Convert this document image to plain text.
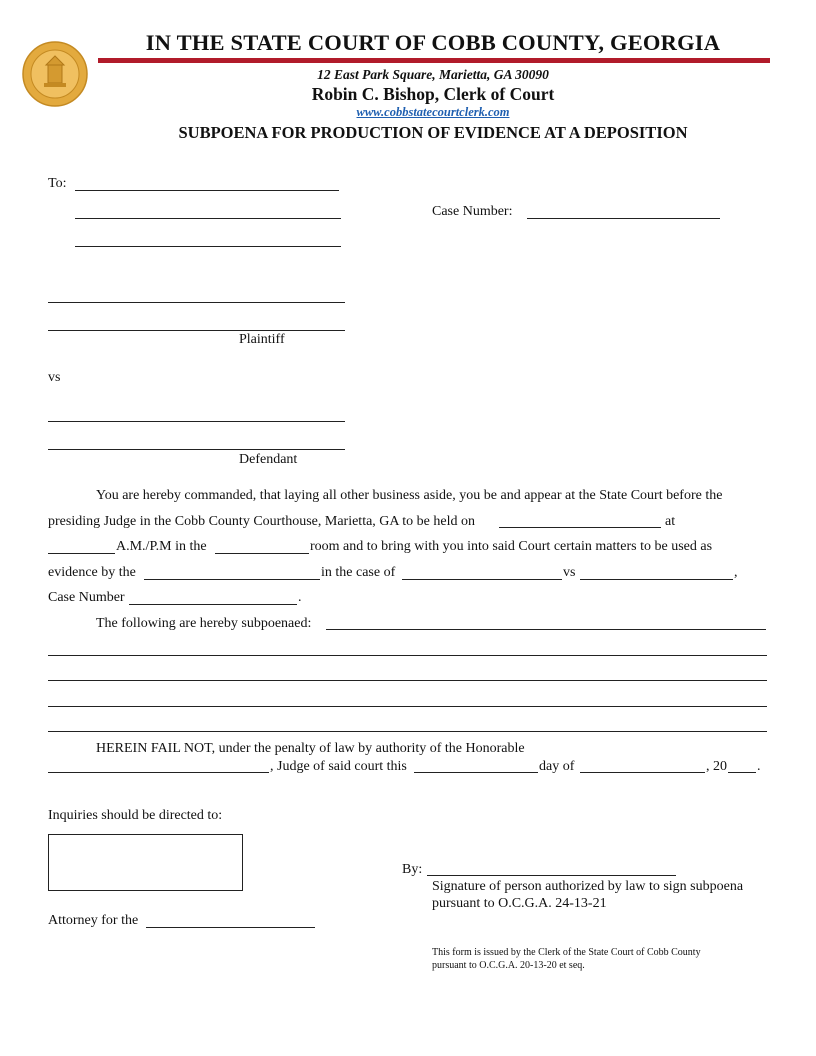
IN THE STATE COURT OF COBB COUNTY, GEORGIA
12 East Park Square, Marietta, GA 30090
Robin C. Bishop, Clerk of Court
www.cobbstatecourtclerk.com
SUBPOENA FOR PRODUCTION OF EVIDENCE AT A DEPOSITION
To:
Case Number:
Plaintiff
vs
Defendant
You are hereby commanded, that laying all other business aside, you be and appear at the State Court before the
presiding Judge in the Cobb County Courthouse, Marietta, GA to be held on	at
A.M./P.M in the	room and to bring with you into said Court certain matters to be used as
evidence by the	in the case of	vs	,
Case Number	.
The following are hereby subpoenaed:
HEREIN FAIL NOT, under the penalty of law by authority of the Honorable
, Judge of said court this	day of	, 20 .
Inquiries should be directed to:
Attorney for the
By:
Signature of person authorized by law to sign subpoena
pursuant to O.C.G.A. 24-13-21
This form is issued by the Clerk of the State Court of Cobb County
pursuant to O.C.G.A. 20-13-20 et seq.
